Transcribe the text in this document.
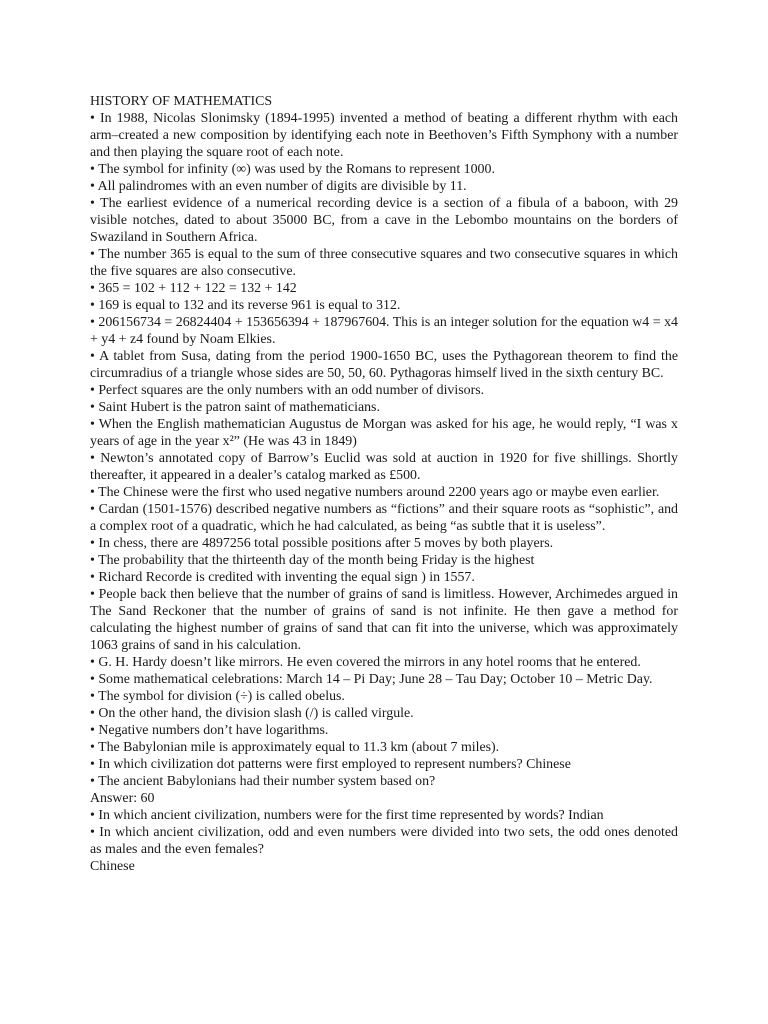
HISTORY OF MATHEMATICS

• In 1988, Nicolas Slonimsky (1894-1995) invented a method of beating a different rhythm with each arm–created a new composition by identifying each note in Beethoven’s Fifth Symphony with a number and then playing the square root of each note.

• The symbol for infinity (∞) was used by the Romans to represent 1000.

• All palindromes with an even number of digits are divisible by 11.

• The earliest evidence of a numerical recording device is a section of a fibula of a baboon, with 29 visible notches, dated to about 35000 BC, from a cave in the Lebombo mountains on the borders of Swaziland in Southern Africa.

• The number 365 is equal to the sum of three consecutive squares and two consecutive squares in which the five squares are also consecutive.

• 365 = 102 + 112 + 122 = 132 + 142

• 169 is equal to 132 and its reverse 961 is equal to 312.

• 206156734 = 26824404 + 153656394 + 187967604. This is an integer solution for the equation w4 = x4 + y4 + z4 found by Noam Elkies.

• A tablet from Susa, dating from the period 1900-1650 BC, uses the Pythagorean theorem to find the circumradius of a triangle whose sides are 50, 50, 60. Pythagoras himself lived in the sixth century BC.

• Perfect squares are the only numbers with an odd number of divisors.

• Saint Hubert is the patron saint of mathematicians.

• When the English mathematician Augustus de Morgan was asked for his age, he would reply, “I was x years of age in the year x²” (He was 43 in 1849)

• Newton’s annotated copy of Barrow’s Euclid was sold at auction in 1920 for five shillings. Shortly thereafter, it appeared in a dealer’s catalog marked as £500.

• The Chinese were the first who used negative numbers around 2200 years ago or maybe even earlier.

• Cardan (1501-1576) described negative numbers as “fictions” and their square roots as “sophistic”, and a complex root of a quadratic, which he had calculated, as being “as subtle that it is useless”.

• In chess, there are 4897256 total possible positions after 5 moves by both players.

• The probability that the thirteenth day of the month being Friday is the highest

• Richard Recorde is credited with inventing the equal sign ) in 1557.

• People back then believe that the number of grains of sand is limitless. However, Archimedes argued in The Sand Reckoner that the number of grains of sand is not infinite. He then gave a method for calculating the highest number of grains of sand that can fit into the universe, which was approximately 1063 grains of sand in his calculation.

• G. H. Hardy doesn’t like mirrors. He even covered the mirrors in any hotel rooms that he entered.

• Some mathematical celebrations: March 14 – Pi Day; June 28 – Tau Day; October 10 – Metric Day.

• The symbol for division (÷) is called obelus.

• On the other hand, the division slash (/) is called virgule.

• Negative numbers don’t have logarithms.

• The Babylonian mile is approximately equal to 11.3 km (about 7 miles).

• In which civilization dot patterns were first employed to represent numbers? Chinese

• The ancient Babylonians had their number system based on?

Answer: 60

• In which ancient civilization, numbers were for the first time represented by words? Indian

• In which ancient civilization, odd and even numbers were divided into two sets, the odd ones denoted as males and the even females?

Chinese
